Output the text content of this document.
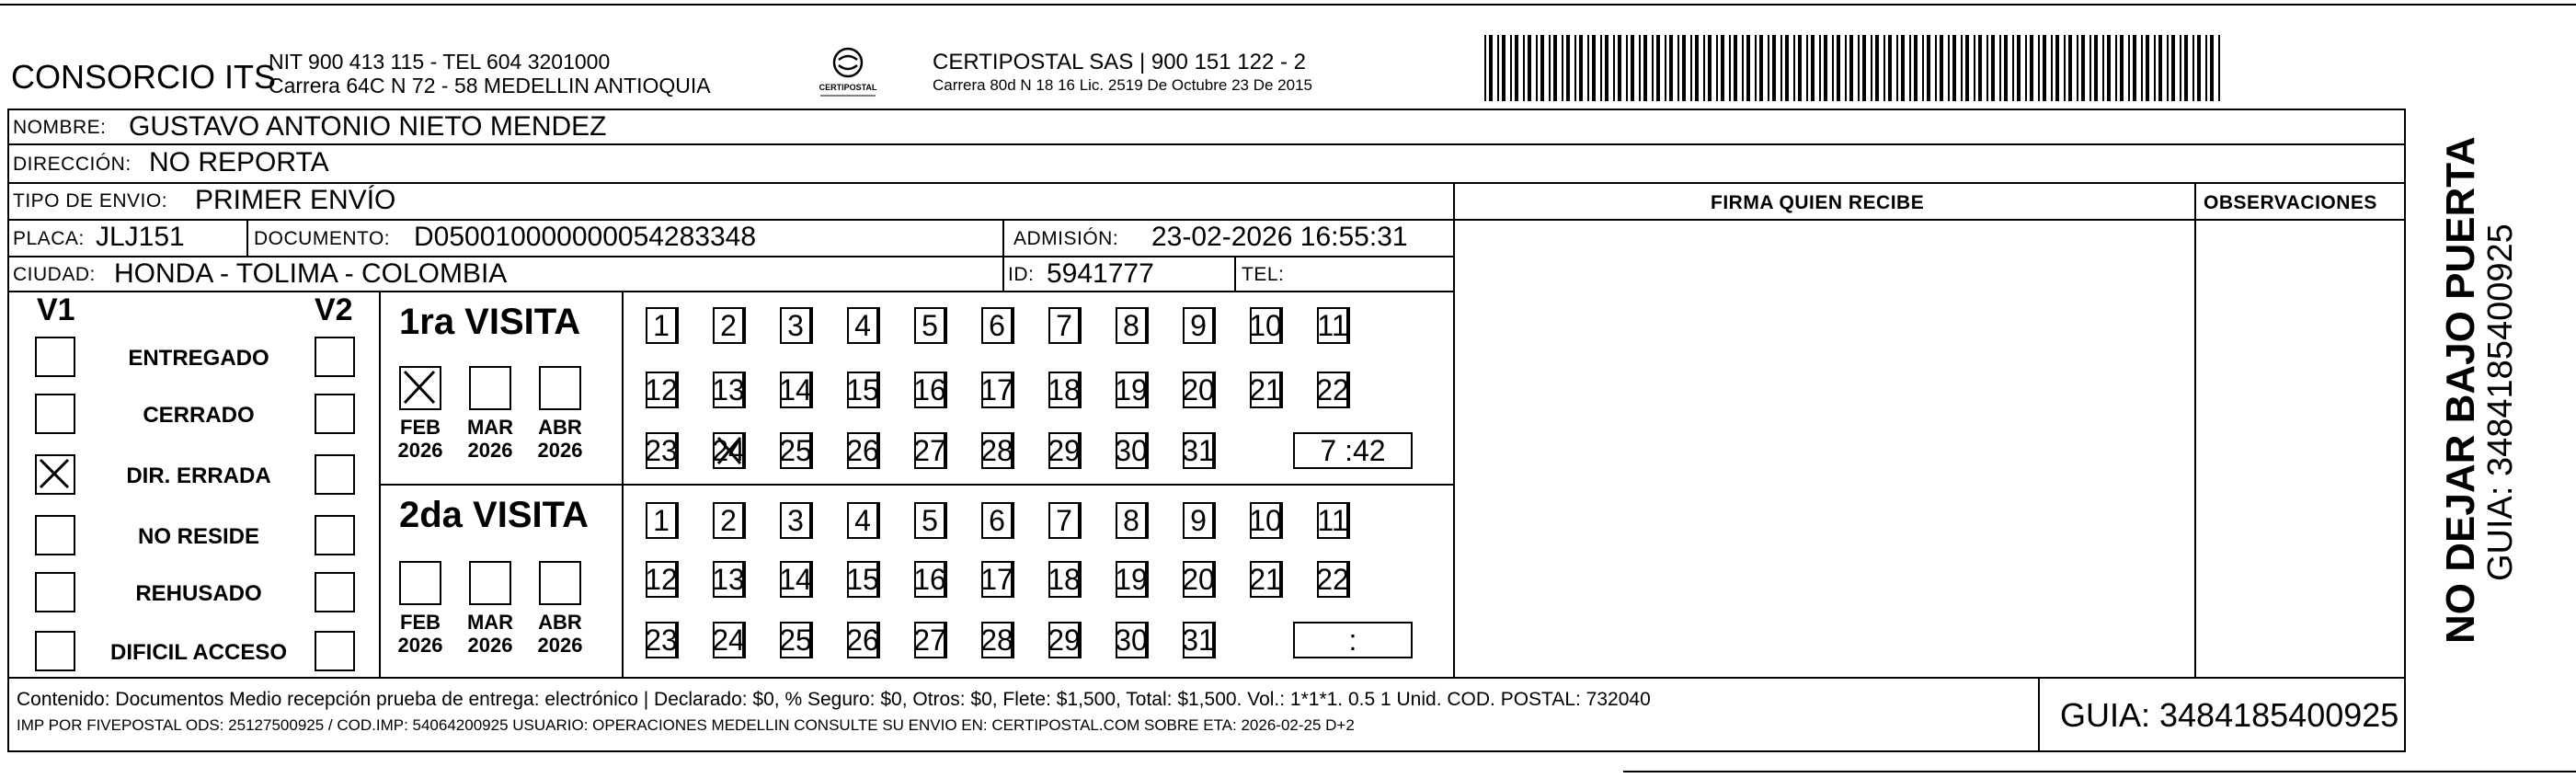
CONSORCIO ITS
NIT 900 413 115 - TEL 604 3201000
Carrera 64C N 72 - 58 MEDELLIN ANTIOQUIA	CERTIPOSTAL
CERTIPOSTAL SAS | 900 151 122 - 2
Carrera 80d N 18 16 Lic. 2519 De Octubre 23 De 2015
NOMBRE: GUSTAVO ANTONIO NIETO MENDEZ
DIRECCIÓN: NO REPORTA
TIPO DE ENVIO: PRIMER ENVÍO	FIRMA QUIEN RECIBE	OBSERVACIONES
PLACA: JLJ151	DOCUMENTO: D050010000000054283348	ADMISIÓN: 23-02-2026 16:55:31
CIUDAD: HONDA - TOLIMA - COLOMBIA	ID: 5941777	TEL:
V1	V2
ENTREGADO
CERRADO
DIR. ERRADA
NO RESIDE
REHUSADO
DIFICIL ACCESO
1ra VISITA
FEB
2026
MAR
2026
ABR
2026
1 2 3 4 5 6 7 8 9 10 11
12 13 14 15 16 17 18 19 20 21 22
23 24 25 26 27 28 29 30 31	7 :42
2da VISITA
FEB
2026
MAR
2026
ABR
2026
1 2 3 4 5 6 7 8 9 10 11
12 13 14 15 16 17 18 19 20 21 22
23 24 25 26 27 28 29 30 31	:
Contenido: Documentos Medio recepción prueba de entrega: electrónico | Declarado: $0, % Seguro: $0, Otros: $0, Flete: $1,500, Total: $1,500. Vol.: 1*1*1. 0.5 1 Unid. COD. POSTAL: 732040
IMP POR FIVEPOSTAL ODS: 25127500925 / COD.IMP: 54064200925 USUARIO: OPERACIONES MEDELLIN CONSULTE SU ENVIO EN: CERTIPOSTAL.COM SOBRE ETA: 2026-02-25 D+2	GUIA: 3484185400925
NO DEJAR BAJO PUERTA
GUIA: 3484185400925
